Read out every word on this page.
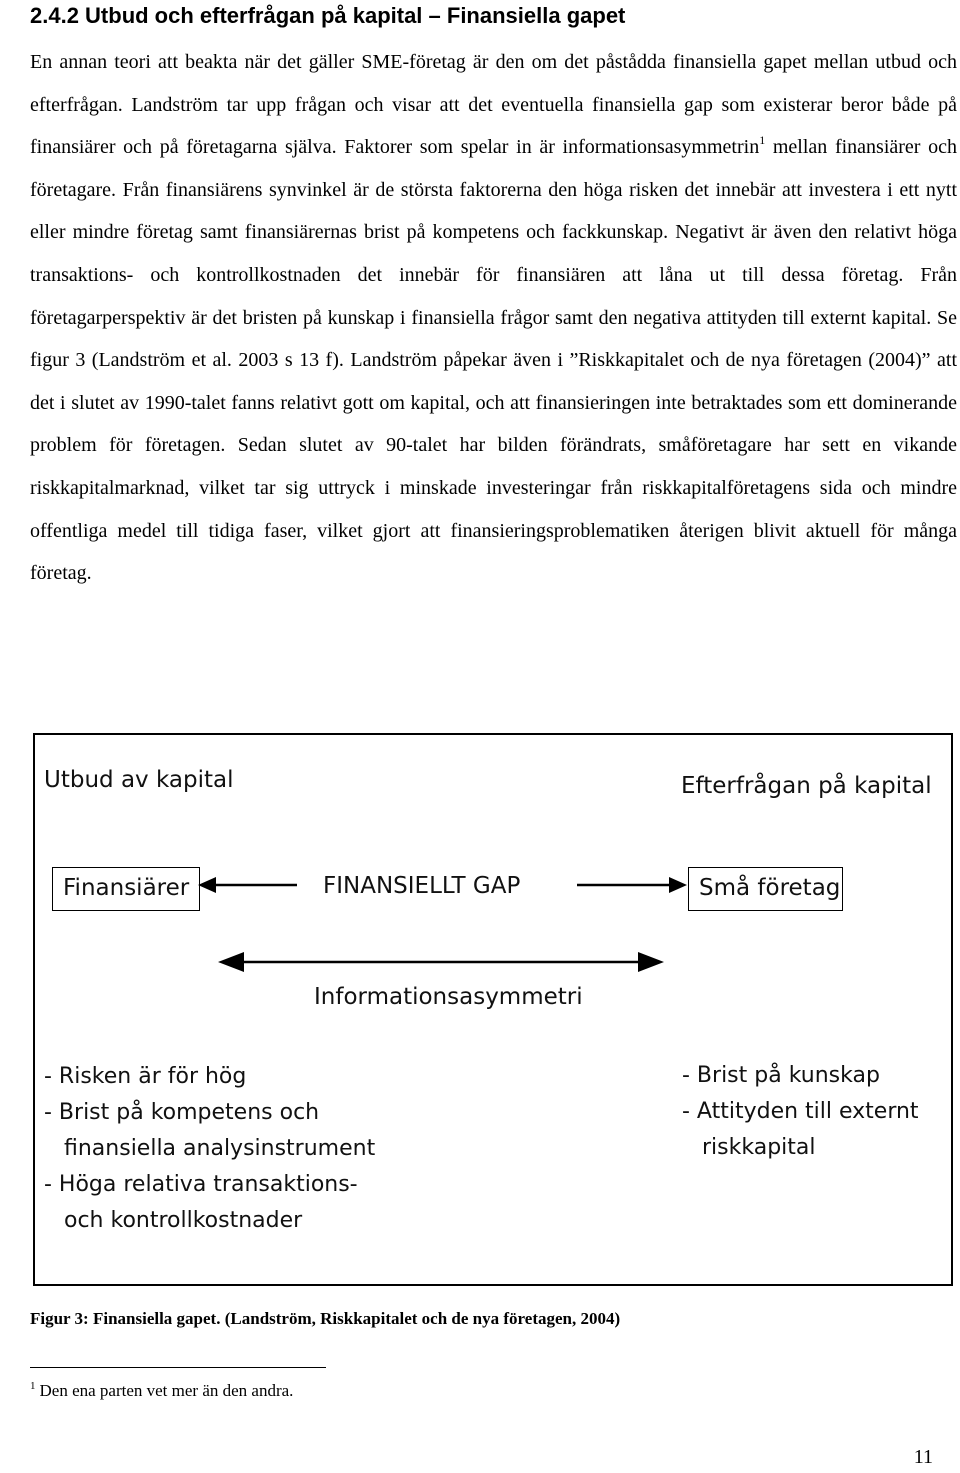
2.4.2 Utbud och efterfrågan på kapital – Finansiella gapet

En annan teori att beakta när det gäller SME-företag är den om det påstådda finansiella gapet mellan utbud och efterfrågan. Landström tar upp frågan och visar att det eventuella finansiella gap som existerar beror både på finansiärer och på företagarna själva. Faktorer som spelar in är informationsasymmetrin$^1$ mellan finansiärer och företagare. Från finansiärens synvinkel är de största faktorerna den höga risken det innebär att investera i ett nytt eller mindre företag samt finansiärernas brist på kompetens och fackkunskap. Negativt är även den relativt höga transaktions- och kontrollkostnaden det innebär för finansiären att låna ut till dessa företag. Från företagarperspektiv är det bristen på kunskap i finansiella frågor samt den negativa attityden till externt kapital. Se figur 3 (Landström et al. 2003 s 13 f). Landström påpekar även i ”Riskkapitalet och de nya företagen (2004)” att det i slutet av 1990-talet fanns relativt gott om kapital, och att finansieringen inte betraktades som ett dominerande problem för företagen. Sedan slutet av 90-talet har bilden förändrats, småföretagare har sett en vikande riskkapitalmarknad, vilket tar sig uttryck i minskade investeringar från riskkapitalföretagens sida och mindre offentliga medel till tidiga faser, vilket gjort att finansieringsproblematiken återigen blivit aktuell för många företag.

Utbud av kapital	Efterfrågan på kapital

Finansiärer	FINANSIELLT GAP	Små företag

Informationsasymmetri

- Risken är för hög
- Brist på kompetens och
finansiella analysinstrument
- Höga relativa transaktions-
och kontrollkostnader
- Brist på kunskap
- Attityden till externt
riskkapital

Figur 3: Finansiella gapet. (Landström, Riskkapitalet och de nya företagen, 2004)

$^1$ Den ena parten vet mer än den andra.

11
